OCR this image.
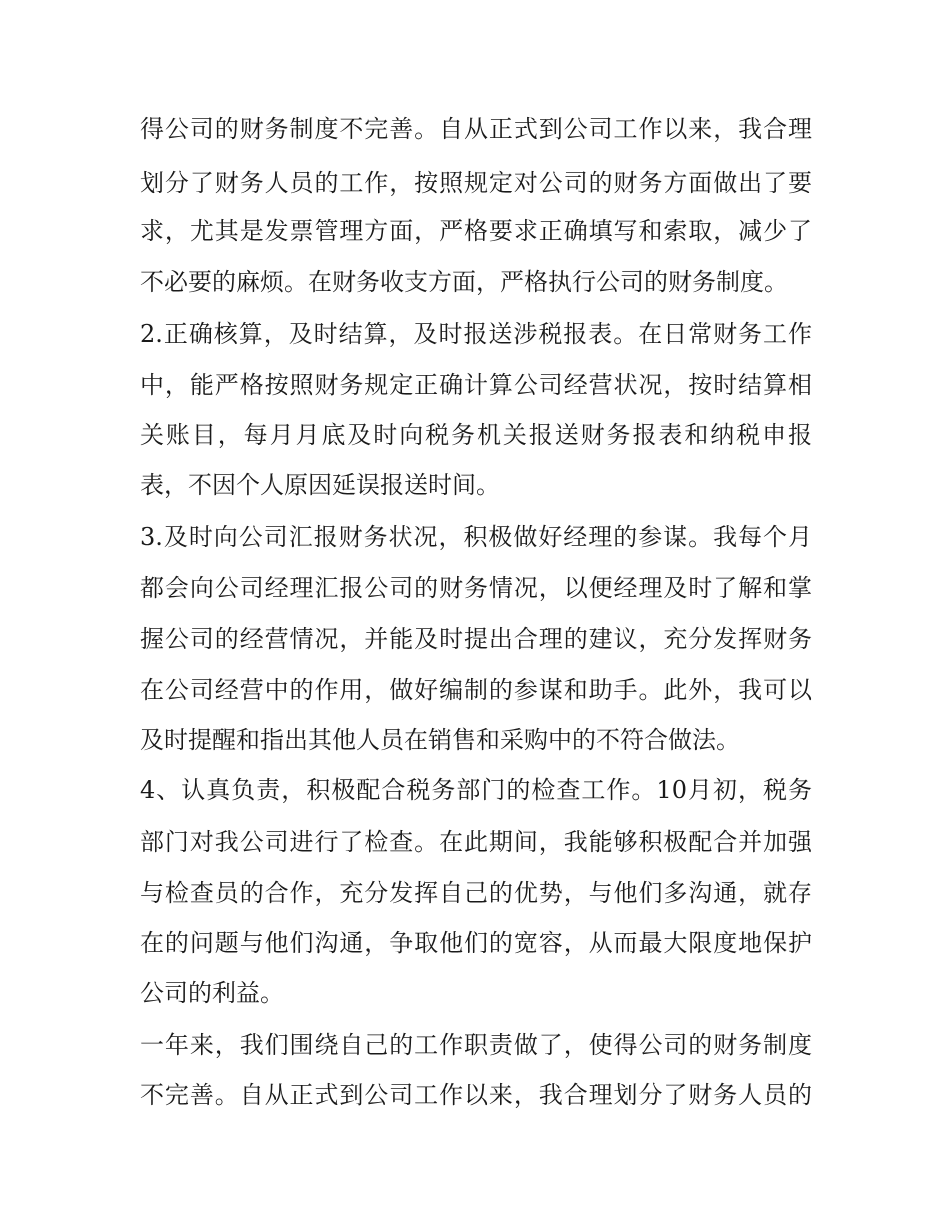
得公司的财务制度不完善。自从正式到公司工作以来，我合理
划分了财务人员的工作，按照规定对公司的财务方面做出了要
求，尤其是发票管理方面，严格要求正确填写和索取，减少了
不必要的麻烦。在财务收支方面，严格执行公司的财务制度。
2.正确核算，及时结算，及时报送涉税报表。在日常财务工作
中，能严格按照财务规定正确计算公司经营状况，按时结算相
关账目，每月月底及时向税务机关报送财务报表和纳税申报
表，不因个人原因延误报送时间。
3.及时向公司汇报财务状况，积极做好经理的参谋。我每个月
都会向公司经理汇报公司的财务情况，以便经理及时了解和掌
握公司的经营情况，并能及时提出合理的建议，充分发挥财务
在公司经营中的作用，做好编制的参谋和助手。此外，我可以
及时提醒和指出其他人员在销售和采购中的不符合做法。
4、认真负责，积极配合税务部门的检查工作。10月初，税务
部门对我公司进行了检查。在此期间，我能够积极配合并加强
与检查员的合作，充分发挥自己的优势，与他们多沟通，就存
在的问题与他们沟通，争取他们的宽容，从而最大限度地保护
公司的利益。
一年来，我们围绕自己的工作职责做了，使得公司的财务制度
不完善。自从正式到公司工作以来，我合理划分了财务人员的
